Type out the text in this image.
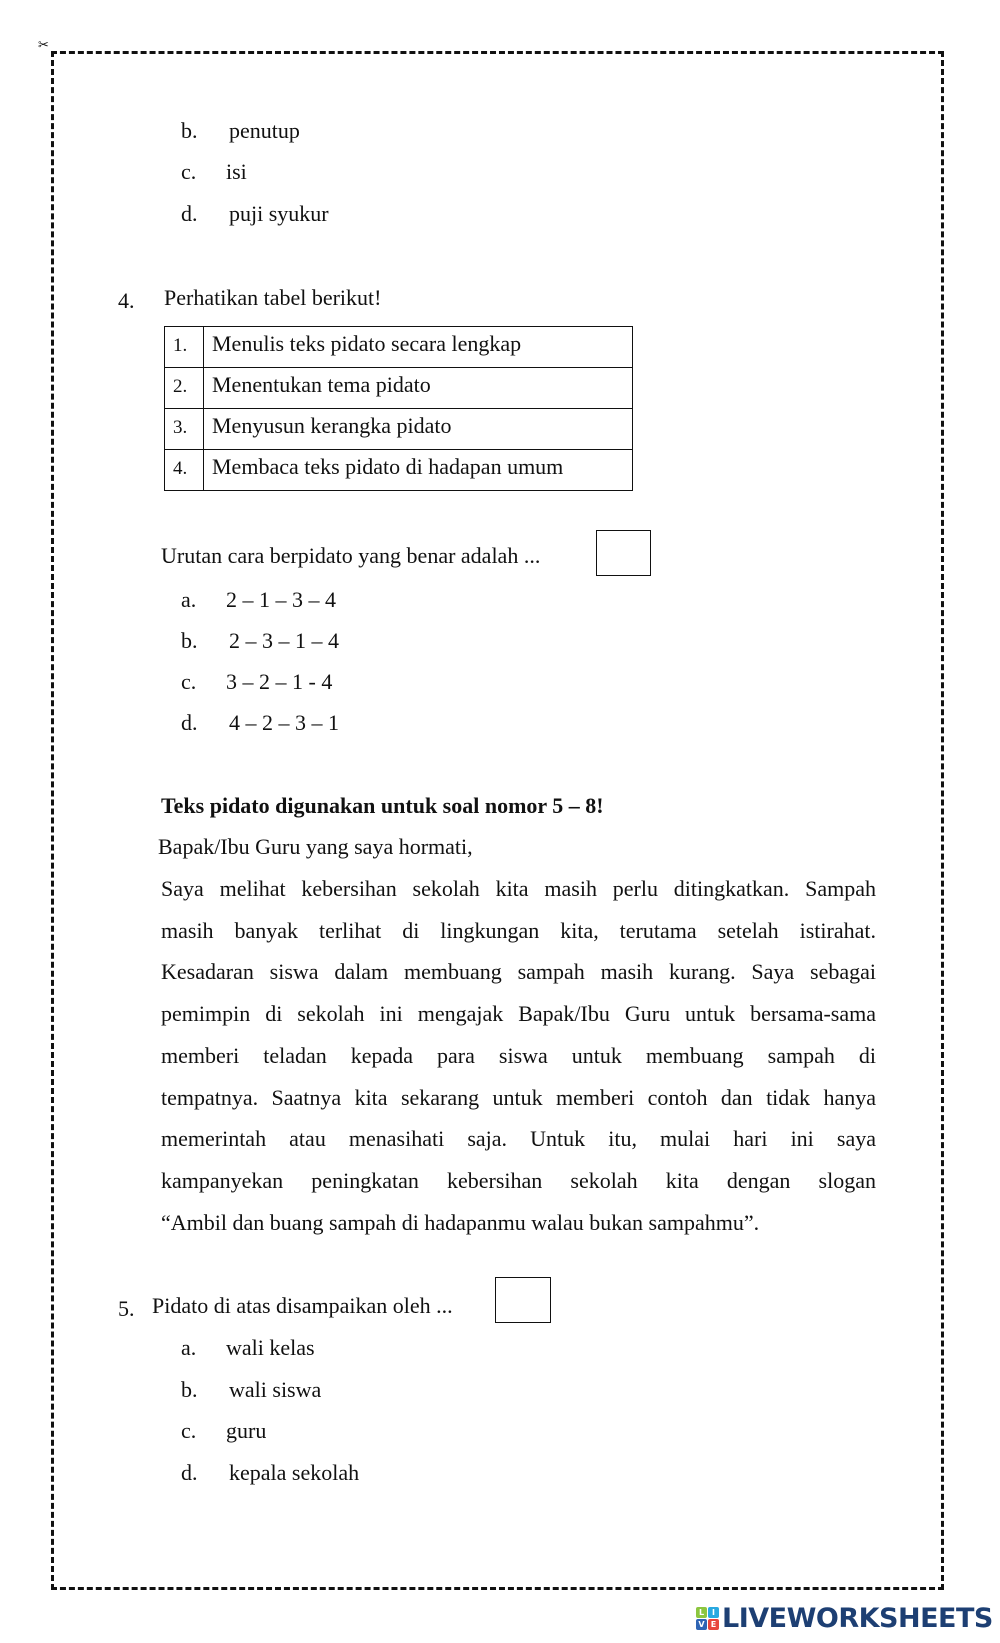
✂
b. penutup
c. isi
d. puji syukur
4. Perhatikan tabel berikut!
1.	Menulis teks pidato secara lengkap
2.	Menentukan tema pidato
3.	Menyusun kerangka pidato
4.	Membaca teks pidato di hadapan umum
Urutan cara berpidato yang benar adalah ...
a. 2 – 1 – 3 – 4
b. 2 – 3 – 1 – 4
c. 3 – 2 – 1 - 4
d. 4 – 2 – 3 – 1
Teks pidato digunakan untuk soal nomor 5 – 8!
Bapak/Ibu Guru yang saya hormati,
Saya melihat kebersihan sekolah kita masih perlu ditingkatkan. Sampah
masih banyak terlihat di lingkungan kita, terutama setelah istirahat.
Kesadaran siswa dalam membuang sampah masih kurang. Saya sebagai
pemimpin di sekolah ini mengajak Bapak/Ibu Guru untuk bersama-sama
memberi teladan kepada para siswa untuk membuang sampah di
tempatnya. Saatnya kita sekarang untuk memberi contoh dan tidak hanya
memerintah atau menasihati saja. Untuk itu, mulai hari ini saya
kampanyekan peningkatan kebersihan sekolah kita dengan slogan
“Ambil dan buang sampah di hadapanmu walau bukan sampahmu”.
5. Pidato di atas disampaikan oleh ...
a. wali kelas
b. wali siswa
c. guru
d. kepala sekolah
L I
V E LIVEWORKSHEETS
